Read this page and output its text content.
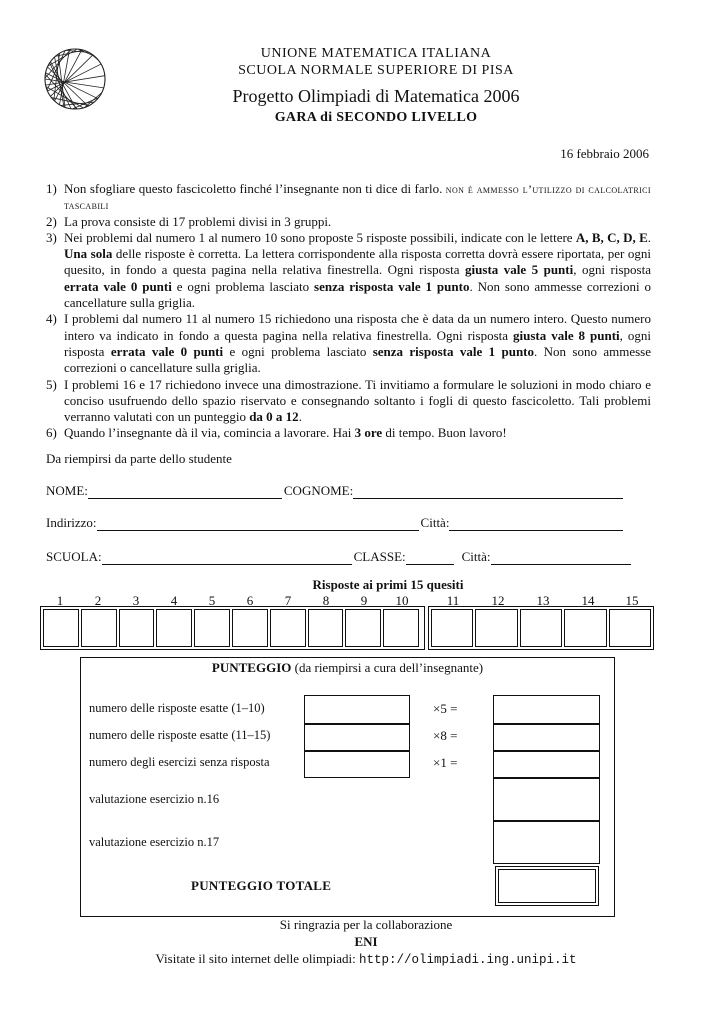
UNIONE MATEMATICA ITALIANA
SCUOLA NORMALE SUPERIORE DI PISA
Progetto Olimpiadi di Matematica 2006
GARA di SECONDO LIVELLO
16 febbraio 2006
1) Non sfogliare questo fascicoletto finché l’insegnante non ti dice di farlo. non è ammesso l’utilizzo di calcolatrici tascabili
2) La prova consiste di 17 problemi divisi in 3 gruppi.
3) Nei problemi dal numero 1 al numero 10 sono proposte 5 risposte possibili, indicate con le lettere A, B, C, D, E. Una sola delle risposte è corretta. La lettera corrispondente alla risposta corretta dovrà essere riportata, per ogni quesito, in fondo a questa pagina nella relativa finestrella. Ogni risposta giusta vale 5 punti, ogni risposta errata vale 0 punti e ogni problema lasciato senza risposta vale 1 punto. Non sono ammesse correzioni o cancellature sulla griglia.
4) I problemi dal numero 11 al numero 15 richiedono una risposta che è data da un numero intero. Questo numero intero va indicato in fondo a questa pagina nella relativa finestrella. Ogni risposta giusta vale 8 punti, ogni risposta errata vale 0 punti e ogni problema lasciato senza risposta vale 1 punto. Non sono ammesse correzioni o cancellature sulla griglia.
5) I problemi 16 e 17 richiedono invece una dimostrazione. Ti invitiamo a formulare le soluzioni in modo chiaro e conciso usufruendo dello spazio riservato e consegnando soltanto i fogli di questo fascicoletto. Tali problemi verranno valutati con un punteggio da 0 a 12.
6) Quando l’insegnante dà il via, comincia a lavorare. Hai 3 ore di tempo. Buon lavoro!
Da riempirsi da parte dello studente
NOME:	COGNOME:
Indirizzo:	Città:
SCUOLA:	CLASSE:	Città:
Risposte ai primi 15 quesiti
1 2 3 4 5 6 7 8 9 10	11 12 13 14 15
PUNTEGGIO (da riempirsi a cura dell’insegnante)
numero delle risposte esatte (1–10)	×5 =
numero delle risposte esatte (11–15)	×8 =
numero degli esercizi senza risposta	×1 =
valutazione esercizio n.16
valutazione esercizio n.17
PUNTEGGIO TOTALE
Si ringrazia per la collaborazione
ENI
Visitate il sito internet delle olimpiadi: http://olimpiadi.ing.unipi.it
